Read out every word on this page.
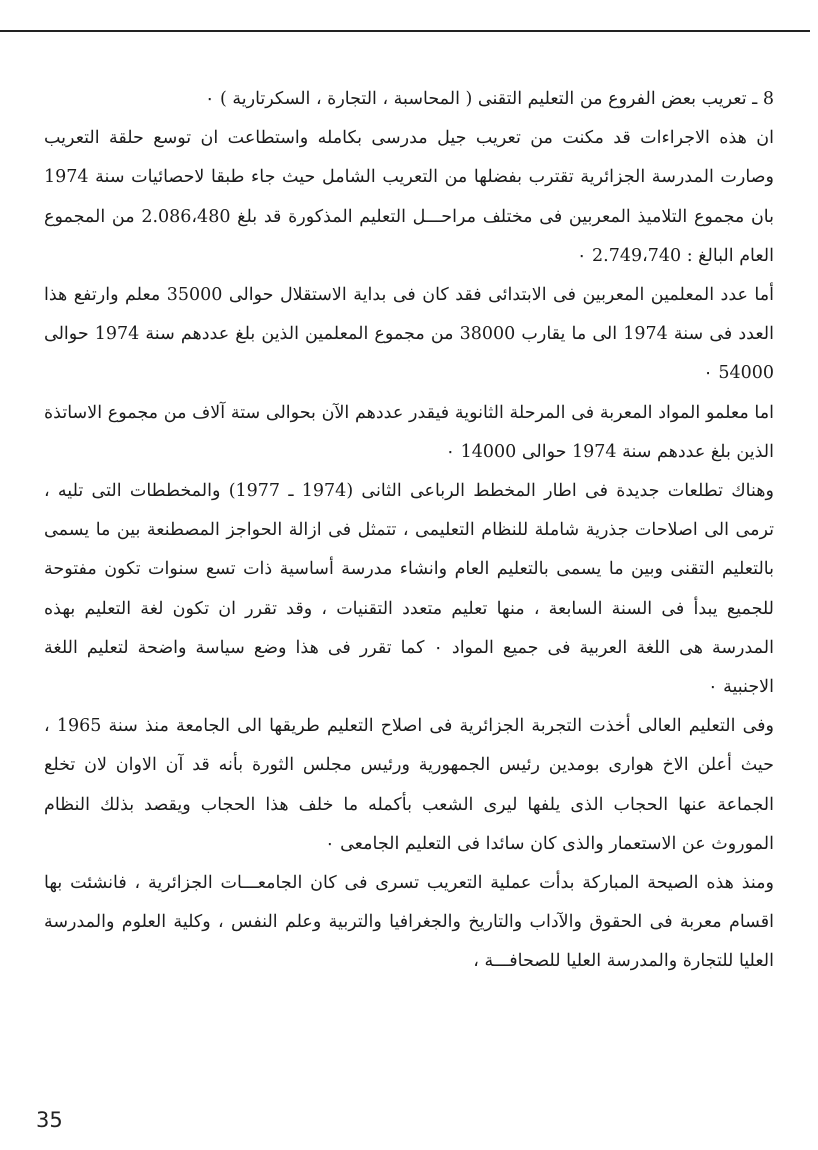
8 ـ تعريب بعض الفروع من التعليم التقنى ( المحاسبة ، التجارة ، السكرتارية ) ٠

ان هذه الاجراءات قد مكنت من تعريب جيل مدرسى بكامله واستطاعت ان توسع حلقة التعريب وصارت المدرسة الجزائرية تقترب بفضلها من التعريب الشامل حيث جاء طبقا لاحصائيات سنة 1974 بان مجموع التلاميذ المعربين فى مختلف مراحـــل التعليم المذكورة قد بلغ 2.086،480 من المجموع العام البالغ : 2.749،740 ٠

أما عدد المعلمين المعربين فى الابتدائى فقد كان فى بداية الاستقلال حوالى 35000 معلم وارتفع هذا العدد فى سنة 1974 الى ما يقارب 38000 من مجموع المعلمين الذين بلغ عددهم سنة 1974 حوالى 54000 ٠

اما معلمو المواد المعربة فى المرحلة الثانوية فيقدر عددهم الآن بحوالى ستة آلاف من مجموع الاساتذة الذين بلغ عددهم سنة 1974 حوالى 14000 ٠

وهناك تطلعات جديدة فى اطار المخطط الرباعى الثانى (1974 ـ 1977) والمخططات التى تليه ، ترمى الى اصلاحات جذرية شاملة للنظام التعليمى ، تتمثل فى ازالة الحواجز المصطنعة بين ما يسمى بالتعليم التقنى وبين ما يسمى بالتعليم العام وانشاء مدرسة أساسية ذات تسع سنوات تكون مفتوحة للجميع يبدأ فى السنة السابعة ، منها تعليم متعدد التقنيات ، وقد تقرر ان تكون لغة التعليم بهذه المدرسة هى اللغة العربية فى جميع المواد ٠ كما تقرر فى هذا وضع سياسة واضحة لتعليم اللغة الاجنبية ٠

وفى التعليم العالى أخذت التجربة الجزائرية فى اصلاح التعليم طريقها الى الجامعة منذ سنة 1965 ، حيث أعلن الاخ هوارى بومدين رئيس الجمهورية ورئيس مجلس الثورة بأنه قد آن الاوان لان تخلع الجماعة عنها الحجاب الذى يلفها ليرى الشعب بأكمله ما خلف هذا الحجاب ويقصد بذلك النظام الموروث عن الاستعمار والذى كان سائدا فى التعليم الجامعى ٠

ومنذ هذه الصيحة المباركة بدأت عملية التعريب تسرى فى كان الجامعـــات الجزائرية ، فانشئت بها اقسام معربة فى الحقوق والآداب والتاريخ والجغرافيا والتربية وعلم النفس ، وكلية العلوم والمدرسة العليا للتجارة والمدرسة العليا للصحافـــة ،

35
